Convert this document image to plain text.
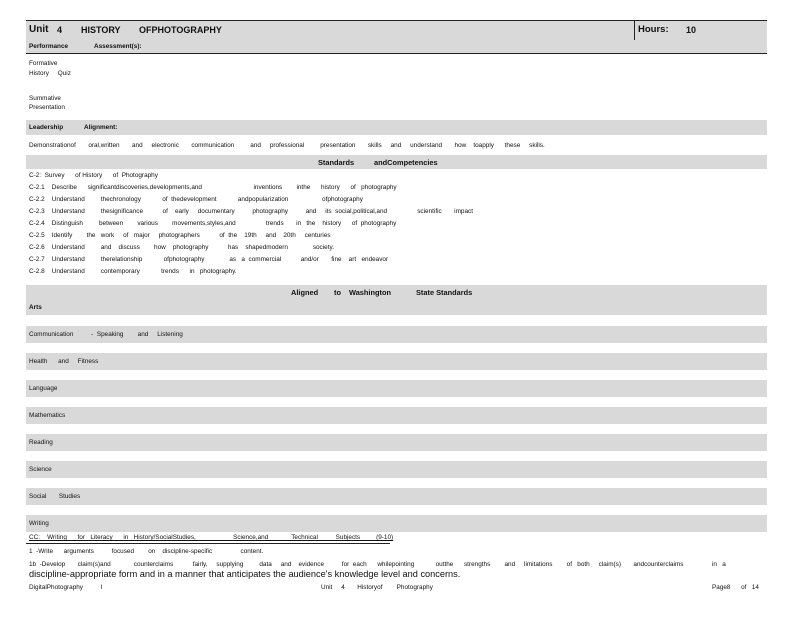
Unit 4 HISTORY OFPHOTOGRAPHY	Hours: 10
Performance	Assessment(s):
Formative
History     Quiz
Summative
Presentation
Leadership	Alignment:
Demonstrationof       oral,written       and     electronic       communication         and     professional         presentation       skills     and     understand       how    toapply      these     skills.
Standards	andCompetencies
C-2:  Survey      of History      of  Photography
C-2.1    Describe      significantdiscoveries,developments,and                             inventions        inthe      history      of   photography
C-2.2    Understand         thechronology            of  thedevelopment            andpopularization                   ofphotography
C-2.3    Understand         thesignificance           of    early     documentary          photography          and     its  social,political,and                 scientific       impact
C-2.4    Distinguish         between        various        movements,styles,and                 trends       in   the    history      of  photography
C-2.5    Identify        the   work     of   major     photographers           of  the    19th     and    20th     centuries
C-2.6    Understand         and    discuss        how    photography           has    shapedmodern              society.
C-2.7    Understand         therelationship            ofphotography              as   a  commercial           and/or       fine    art   endeavor
C-2.8    Understand         contemporary            trends      in   photography.
Aligned to Washington	State Standards
Arts
Communication          -  Speaking        and     Listening
Health      and     Fitness
Language
Mathematics
Reading
Science
Social       Studies
Writing
CC:    Writing      for   Literacy      in   History/SocialStudies,                     Science,and             Technical          Subjects         (9-10)
1  -Write      arguments          focused        on    discipline-specific                content.
1b  -Develop       claim(s)and             counterclaims           fairly,     supplying         data     and    evidence          for  each      whilepointing            outthe      strengths        and     limitations        of   both     claim(s)       andcounterclaims                in   a
discipline-appropriate form and in a manner that anticipates the audience's knowledge level and concerns.
DigitalPhotography          I	Unit     4       Historyof        Photography	Page8      of   14
